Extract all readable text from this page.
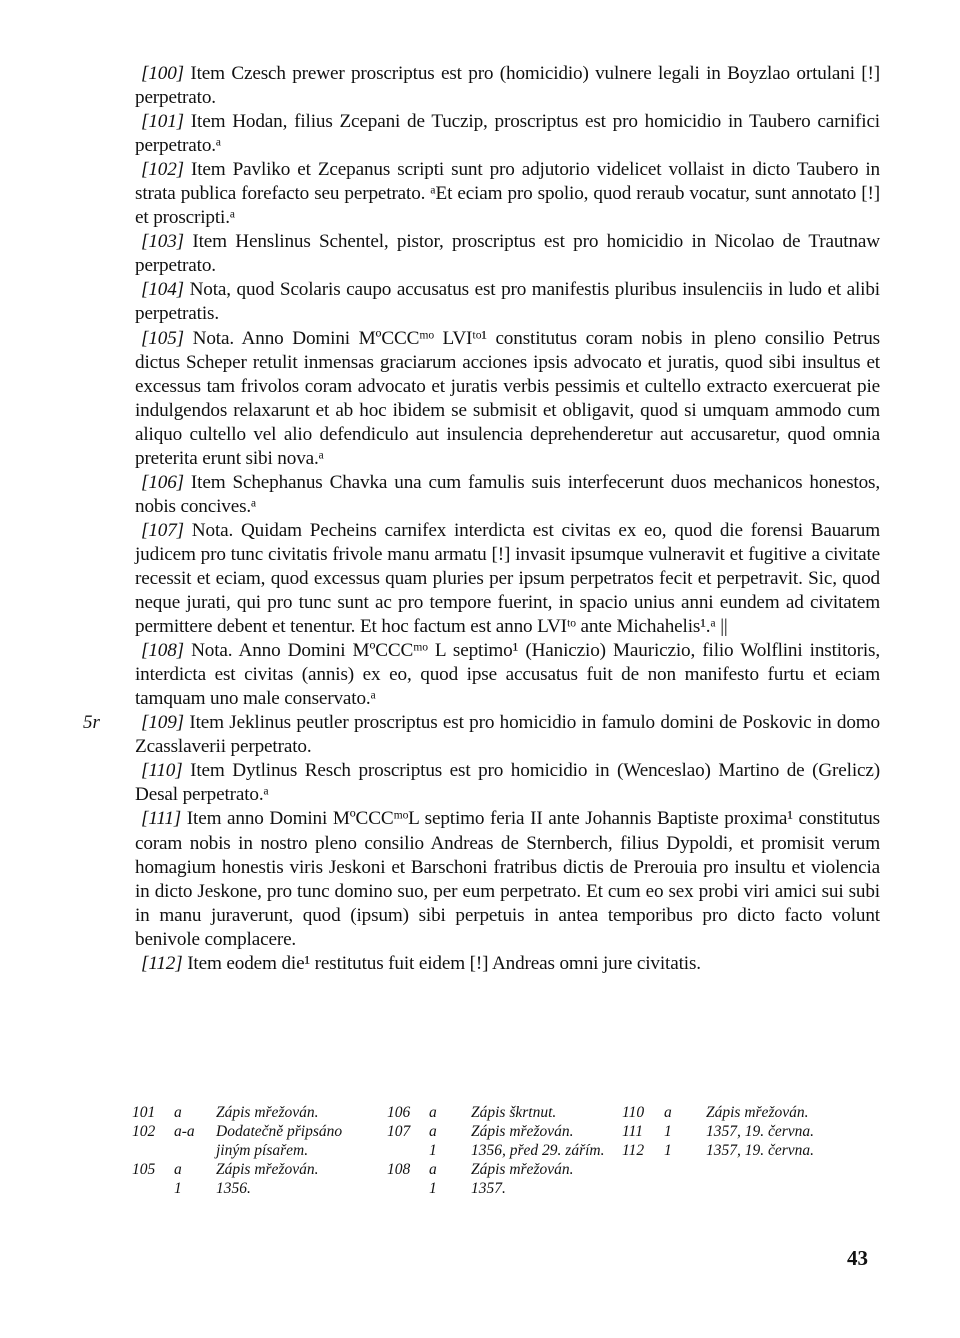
5r

[100] Item Czesch prewer proscriptus est pro (homicidio) vulnere legali in Boyzlao ortulani [!] perpetrato.

[101] Item Hodan, filius Zcepani de Tuczip, proscriptus est pro homicidio in Taubero carnifici perpetrato.ᵃ

[102] Item Pavliko et Zcepanus scripti sunt pro adjutorio videlicet vollaist in dicto Taubero in strata publica forefacto seu perpetrato. ᵃEt eciam pro spolio, quod reraub vocatur, sunt annotato [!] et proscripti.ᵃ

[103] Item Henslinus Schentel, pistor, proscriptus est pro homicidio in Nicolao de Trautnaw perpetrato.

[104] Nota, quod Scolaris caupo accusatus est pro manifestis pluribus insulenciis in ludo et alibi perpetratis.

[105] Nota. Anno Domini MºCCCᵐᵒ LVIᵗᵒ¹ constitutus coram nobis in pleno consilio Petrus dictus Scheper retulit inmensas graciarum acciones ipsis advocato et juratis, quod sibi insultus et excessus tam frivolos coram advocato et juratis verbis pessimis et cultello extracto exercuerat pie indulgendos relaxarunt et ab hoc ibidem se submisit et obligavit, quod si umquam ammodo cum aliquo cultello vel alio defendiculo aut insulencia deprehenderetur aut accusaretur, quod omnia preterita erunt sibi nova.ᵃ

[106] Item Schephanus Chavka una cum famulis suis interfecerunt duos mechanicos honestos, nobis concives.ᵃ

[107] Nota. Quidam Pecheins carnifex interdicta est civitas ex eo, quod die forensi Bauarum judicem pro tunc civitatis frivole manu armatu [!] invasit ipsumque vulneravit et fugitive a civitate recessit et eciam, quod excessus quam pluries per ipsum perpetratos fecit et perpetravit. Sic, quod neque jurati, qui pro tunc sunt ac pro tempore fuerint, in spacio unius anni eundem ad civitatem permittere debent et tenentur. Et hoc factum est anno LVIᵗᵒ ante Michahelis¹.ᵃ ||

[108] Nota. Anno Domini MºCCCᵐᵒ L septimo¹ (Haniczio) Mauriczio, filio Wolflini institoris, interdicta est civitas (annis) ex eo, quod ipse accusatus fuit de non manifesto furtu et eciam tamquam uno male conservato.ᵃ

[109] Item Jeklinus peutler proscriptus est pro homicidio in famulo domini de Poskovic in domo Zcasslaverii perpetrato.

[110] Item Dytlinus Resch proscriptus est pro homicidio in (Wenceslao) Martino de (Grelicz) Desal perpetrato.ᵃ

[111] Item anno Domini MºCCCᵐᵒL septimo feria II ante Johannis Baptiste proxima¹ constitutus coram nobis in nostro pleno consilio Andreas de Sternberch, filius Dypoldi, et promisit verum homagium honestis viris Jeskoni et Barschoni fratribus dictis de Prerouia pro insultu et violencia in dicto Jeskone, pro tunc domino suo, per eum perpetrato. Et cum eo sex probi viri amici sui subi in manu juraverunt, quod (ipsum) sibi perpetuis in antea temporibus pro dicto facto volunt benivole complacere.

[112] Item eodem die¹ restitutus fuit eidem [!] Andreas omni jure civitatis.

101 a Zápis mřežován.
102 a-a Dodatečně připsáno jiným písařem.
105 a Zápis mřežován.
1 1356.
106 a Zápis škrtnut.
107 a Zápis mřežován.
1 1356, před 29. zářím.
108 a Zápis mřežován.
1 1357.
110 a Zápis mřežován.
111 1 1357, 19. června.
112 1 1357, 19. června.
43
